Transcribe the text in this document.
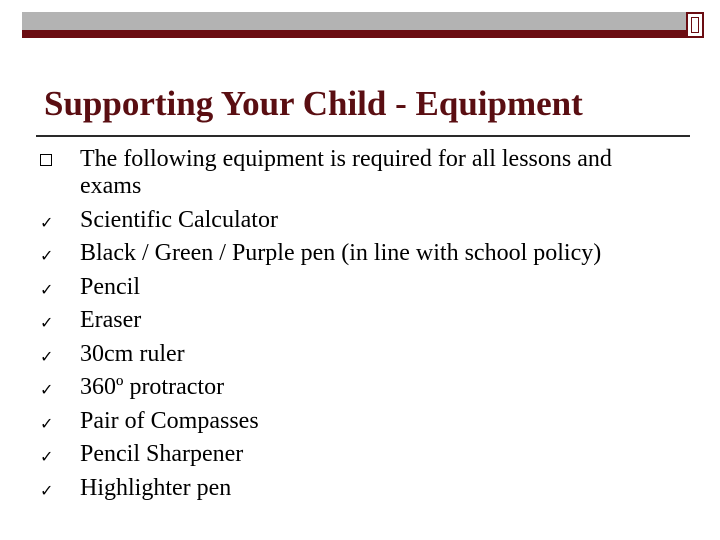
Supporting Your Child - Equipment
The following equipment is required for all lessons and exams
✓ Scientific Calculator
✓ Black / Green / Purple pen (in line with school policy)
✓ Pencil
✓ Eraser
✓ 30cm ruler
✓ 360º protractor
✓ Pair of Compasses
✓ Pencil Sharpener
✓ Highlighter pen
